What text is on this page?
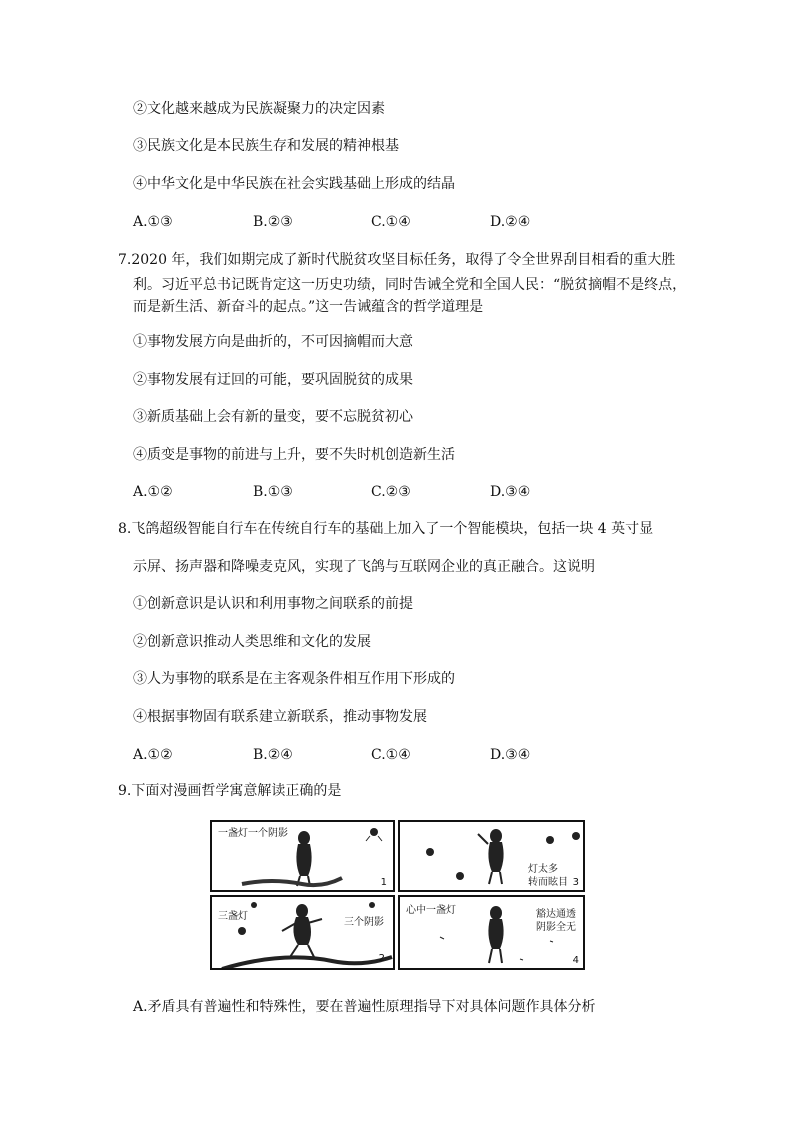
②文化越来越成为民族凝聚力的决定因素
③民族文化是本民族生存和发展的精神根基
④中华文化是中华民族在社会实践基础上形成的结晶
A.①③	B.②③	C.①④	D.②④
7.2020 年，我们如期完成了新时代脱贫攻坚目标任务，取得了令全世界刮目相看的重大胜
利。习近平总书记既肯定这一历史功绩，同时告诫全党和全国人民：“脱贫摘帽不是终点，
而是新生活、新奋斗的起点。”这一告诫蕴含的哲学道理是
①事物发展方向是曲折的，不可因摘帽而大意
②事物发展有迂回的可能，要巩固脱贫的成果
③新质基础上会有新的量变，要不忘脱贫初心
④质变是事物的前进与上升，要不失时机创造新生活
A.①②	B.①③	C.②③	D.③④
8.飞鸽超级智能自行车在传统自行车的基础上加入了一个智能模块，包括一块 4 英寸显
示屏、扬声器和降噪麦克风，实现了飞鸽与互联网企业的真正融合。这说明
①创新意识是认识和利用事物之间联系的前提
②创新意识推动人类思维和文化的发展
③人为事物的联系是在主客观条件相互作用下形成的
④根据事物固有联系建立新联系，推动事物发展
A.①②	B.②④	C.①④	D.③④
9.下面对漫画哲学寓意解读正确的是
一盏灯一个阴影
1
灯太多
转而眩目 3
三盏灯
三个阴影
2
心中一盏灯	豁达通透
阴影全无
4
A.矛盾具有普遍性和特殊性，要在普遍性原理指导下对具体问题作具体分析
